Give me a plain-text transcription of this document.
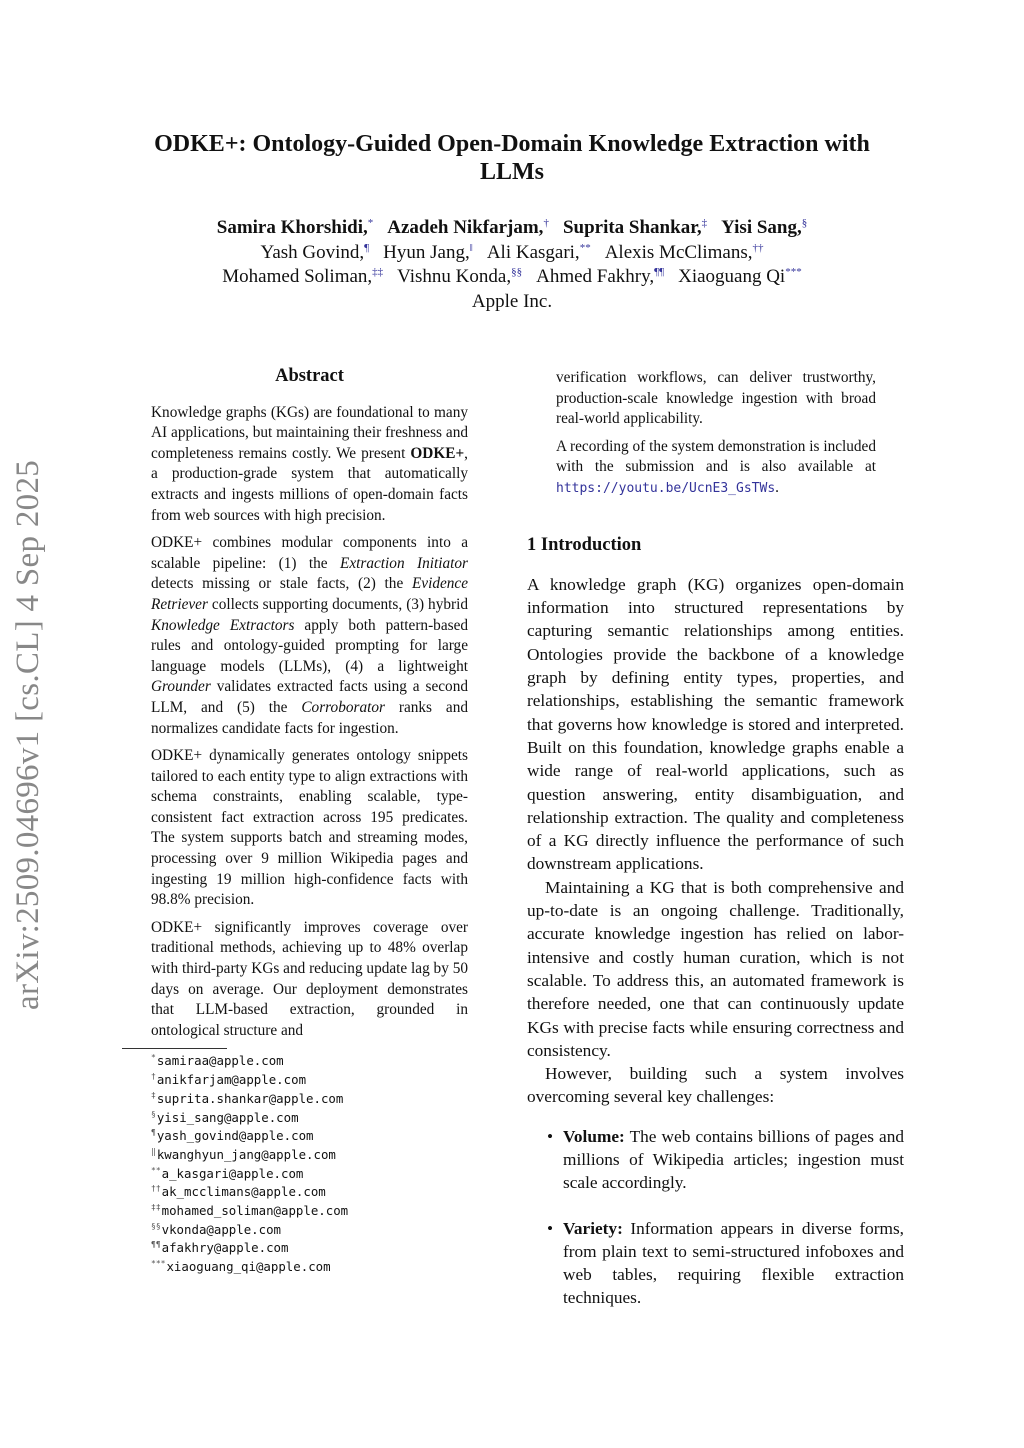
ODKE+: Ontology-Guided Open-Domain Knowledge Extraction with LLMs
Samira Khorshidi,* Azadeh Nikfarjam,† Suprita Shankar,‡ Yisi Sang,§
Yash Govind,¶ Hyun Jang,‖ Ali Kasgari,** Alexis McClimans,††
Mohamed Soliman,‡‡ Vishnu Konda,§§ Ahmed Fakhry,¶¶ Xiaoguang Qi***
Apple Inc.
arXiv:2509.04696v1 [cs.CL] 4 Sep 2025
Abstract

Knowledge graphs (KGs) are foundational to many AI applications, but maintaining their freshness and completeness remains costly. We present ODKE+, a production-grade system that automatically extracts and ingests millions of open-domain facts from web sources with high precision.

ODKE+ combines modular components into a scalable pipeline: (1) the Extraction Initiator detects missing or stale facts, (2) the Evidence Retriever collects supporting documents, (3) hybrid Knowledge Extractors apply both pattern-based rules and ontology-guided prompting for large language models (LLMs), (4) a lightweight Grounder validates extracted facts using a second LLM, and (5) the Corroborator ranks and normalizes candidate facts for ingestion.

ODKE+ dynamically generates ontology snippets tailored to each entity type to align extractions with schema constraints, enabling scalable, type-consistent fact extraction across 195 predicates. The system supports batch and streaming modes, processing over 9 million Wikipedia pages and ingesting 19 million high-confidence facts with 98.8% precision.

ODKE+ significantly improves coverage over traditional methods, achieving up to 48% overlap with third-party KGs and reducing update lag by 50 days on average. Our deployment demonstrates that LLM-based extraction, grounded in ontological structure and

*samiraa@apple.com
†anikfarjam@apple.com
‡suprita.shankar@apple.com
§yisi_sang@apple.com
¶yash_govind@apple.com
‖kwanghyun_jang@apple.com
**a_kasgari@apple.com
††ak_mcclimans@apple.com
‡‡mohamed_soliman@apple.com
§§vkonda@apple.com
¶¶afakhry@apple.com
***xiaoguang_qi@apple.com

verification workflows, can deliver trustworthy, production-scale knowledge ingestion with broad real-world applicability.

A recording of the system demonstration is included with the submission and is also available at https://youtu.be/UcnE3_GsTWs.

1 Introduction

A knowledge graph (KG) organizes open-domain information into structured representations by capturing semantic relationships among entities. Ontologies provide the backbone of a knowledge graph by defining entity types, properties, and relationships, establishing the semantic framework that governs how knowledge is stored and interpreted. Built on this foundation, knowledge graphs enable a wide range of real-world applications, such as question answering, entity disambiguation, and relationship extraction. The quality and completeness of a KG directly influence the performance of such downstream applications.

Maintaining a KG that is both comprehensive and up-to-date is an ongoing challenge. Traditionally, accurate knowledge ingestion has relied on labor-intensive and costly human curation, which is not scalable. To address this, an automated framework is therefore needed, one that can continuously update KGs with precise facts while ensuring correctness and consistency.

However, building such a system involves overcoming several key challenges:

• Volume: The web contains billions of pages and millions of Wikipedia articles; ingestion must scale accordingly.
• Variety: Information appears in diverse forms, from plain text to semi-structured infoboxes and web tables, requiring flexible extraction techniques.
